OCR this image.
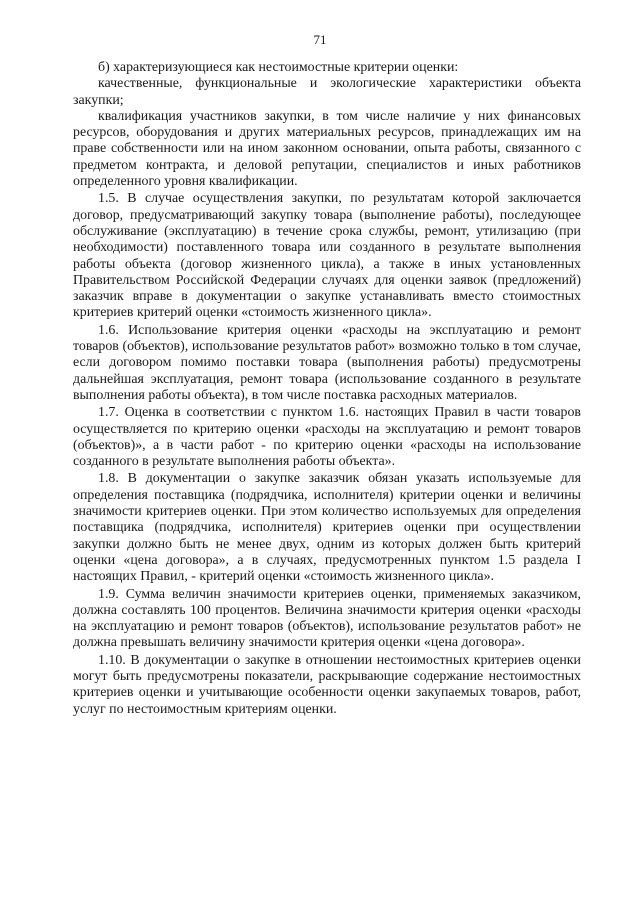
71

б) характеризующиеся как нестоимостные критерии оценки:

качественные, функциональные и экологические характеристики объекта закупки;

квалификация участников закупки, в том числе наличие у них финансовых ресурсов, оборудования и других материальных ресурсов, принадлежащих им на праве собственности или на ином законном основании, опыта работы, связанного с предметом контракта, и деловой репутации, специалистов и иных работников определенного уровня квалификации.

1.5. В случае осуществления закупки, по результатам которой заключается договор, предусматривающий закупку товара (выполнение работы), последующее обслуживание (эксплуатацию) в течение срока службы, ремонт, утилизацию (при необходимости) поставленного товара или созданного в результате выполнения работы объекта (договор жизненного цикла), а также в иных установленных Правительством Российской Федерации случаях для оценки заявок (предложений) заказчик вправе в документации о закупке устанавливать вместо стоимостных критериев критерий оценки «стоимость жизненного цикла».

1.6. Использование критерия оценки «расходы на эксплуатацию и ремонт товаров (объектов), использование результатов работ» возможно только в том случае, если договором помимо поставки товара (выполнения работы) предусмотрены дальнейшая эксплуатация, ремонт товара (использование созданного в результате выполнения работы объекта), в том числе поставка расходных материалов.

1.7. Оценка в соответствии с пунктом 1.6. настоящих Правил в части товаров осуществляется по критерию оценки «расходы на эксплуатацию и ремонт товаров (объектов)», а в части работ - по критерию оценки «расходы на использование созданного в результате выполнения работы объекта».

1.8. В документации о закупке заказчик обязан указать используемые для определения поставщика (подрядчика, исполнителя) критерии оценки и величины значимости критериев оценки. При этом количество используемых для определения поставщика (подрядчика, исполнителя) критериев оценки при осуществлении закупки должно быть не менее двух, одним из которых должен быть критерий оценки «цена договора», а в случаях, предусмотренных пунктом 1.5 раздела I настоящих Правил, - критерий оценки «стоимость жизненного цикла».

1.9. Сумма величин значимости критериев оценки, применяемых заказчиком, должна составлять 100 процентов. Величина значимости критерия оценки «расходы на эксплуатацию и ремонт товаров (объектов), использование результатов работ» не должна превышать величину значимости критерия оценки «цена договора».

1.10. В документации о закупке в отношении нестоимостных критериев оценки могут быть предусмотрены показатели, раскрывающие содержание нестоимостных критериев оценки и учитывающие особенности оценки закупаемых товаров, работ, услуг по нестоимостным критериям оценки.
